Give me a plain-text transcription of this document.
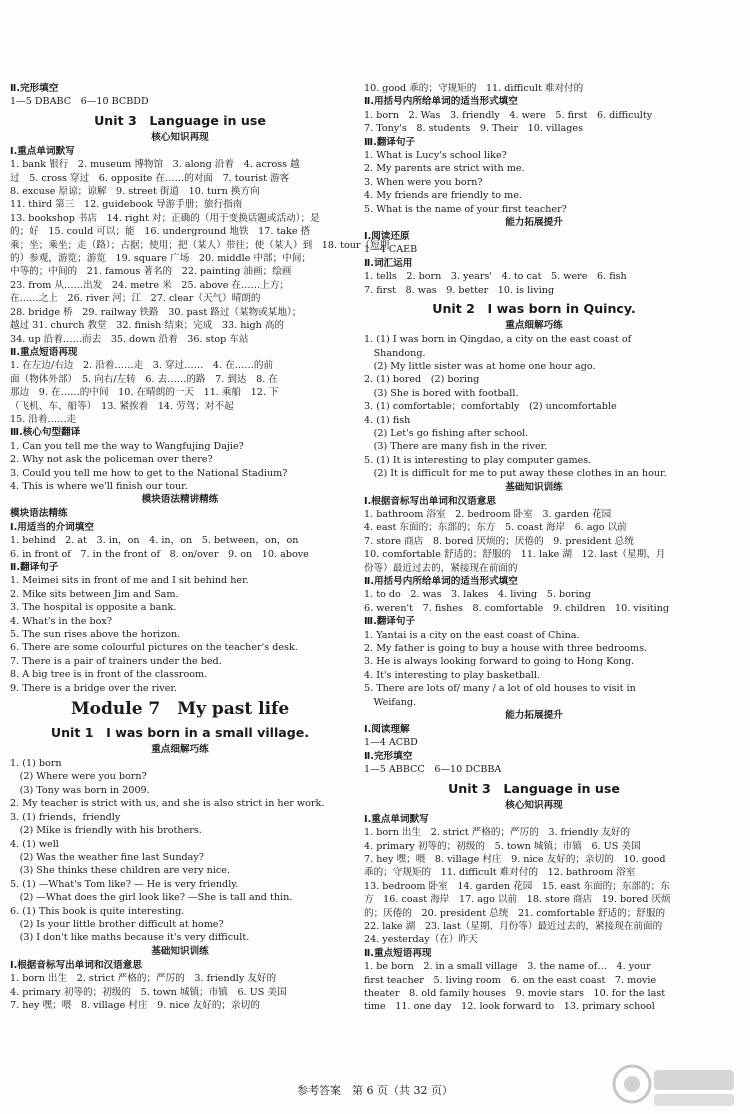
Ⅱ.完形填空
1—5 DBABC　6—10 BCBDD
Unit 3　Language in use
核心知识再现
Ⅰ.重点单词默写
1. bank 银行　2. museum 博物馆　3. along 沿着　4. across 越
过　5. cross 穿过　6. opposite 在……的对面　7. tourist 游客
8. excuse 原谅；谅解　9. street 街道　10. turn 换方向
11. third 第三　12. guidebook 导游手册；旅行指南
13. bookshop 书店　14. right 对；正确的（用于变换话题或活动）；是
的；好　15. could 可以；能　16. underground 地铁　17. take 搭
乘；坐；乘坐；走（路）；占据；使用；把（某人）带往；使（某人）到　18. tour（短期
的）参观，游览；游览　19. square 广场　20. middle 中部；中间；
中等的；中间的　21. famous 著名的　22. painting 油画；绘画
23. from 从……出发　24. metre 米　25. above 在……上方；
在……之上　26. river 河；江　27. clear（天气）晴朗的
28. bridge 桥　29. railway 铁路　30. past 路过（某物或某地）；
越过 31. church 教堂　32. finish 结束；完成　33. high 高的
34. up 沿着……而去　35. down 沿着　36. stop 车站
Ⅱ.重点短语再现
1. 在左边/右边　2. 沿着……走　3. 穿过……　4. 在……的前
面（物体外部）　5. 向右/左转　6. 去……的路　7. 到达　8. 在
那边　9. 在……的中间　10. 在晴朗的一天　11. 乘船　12. 下
（飞机、车、船等）　13. 紧挨着　14. 劳驾；对不起
15. 沿着……走
Ⅲ.核心句型翻译
1. Can you tell me the way to Wangfujing Dajie?
2. Why not ask the policeman over there?
3. Could you tell me how to get to the National Stadium?
4. This is where we'll finish our tour.
模块语法精讲精练
模块语法精练
Ⅰ.用适当的介词填空
1. behind　2. at　3. in，on　4. in，on　5. between，on，on
6. in front of　7. in the front of　8. on/over　9. on　10. above
Ⅱ.翻译句子
1. Meimei sits in front of me and I sit behind her.
2. Mike sits between Jim and Sam.
3. The hospital is opposite a bank.
4. What's in the box?
5. The sun rises above the horizon.
6. There are some colourful pictures on the teacher's desk.
7. There is a pair of trainers under the bed.
8. A big tree is in front of the classroom.
9. There is a bridge over the river.
Module 7　My past life
Unit 1　I was born in a small village.
重点细解巧练
1. (1) born
　(2) Where were you born?
　(3) Tony was born in 2009.
2. My teacher is strict with us, and she is also strict in her work.
3. (1) friends，friendly
　(2) Mike is friendly with his brothers.
4. (1) well
　(2) Was the weather fine last Sunday?
　(3) She thinks these children are very nice.
5. (1) —What's Tom like? — He is very friendly.
　(2) —What does the girl look like? —She is tall and thin.
6. (1) This book is quite interesting.
　(2) Is your little brother difficult at home?
　(3) I don't like maths because it's very difficult.
基础知识训练
Ⅰ.根据音标写出单词和汉语意思
1. born 出生　2. strict 严格的；严厉的　3. friendly 友好的
4. primary 初等的；初级的　5. town 城镇；市镇　6. US 美国
7. hey 嘿；喂　8. village 村庄　9. nice 友好的；亲切的
10. good 乖的；守规矩的　11. difficult 难对付的
Ⅱ.用括号内所给单词的适当形式填空
1. born　2. Was　3. friendly　4. were　5. first　6. difficulty
7. Tony's　8. students　9. Their　10. villages
Ⅲ.翻译句子
1. What is Lucy's school like?
2. My parents are strict with me.
3. When were you born?
4. My friends are friendly to me.
5. What is the name of your first teacher?
能力拓展提升
Ⅰ.阅读还原
1—4 CAEB
Ⅱ.词汇运用
1. tells　2. born　3. years'　4. to cat　5. were　6. fish
7. first　8. was　9. better　10. is living
Unit 2　I was born in Quincy.
重点细解巧练
1. (1) I was born in Qingdao, a city on the east coast of
　Shandong.
　(2) My little sister was at home one hour ago.
2. (1) bored　(2) boring
　(3) She is bored with football.
3. (1) comfortable；comfortably　(2) uncomfortable
4. (1) fish
　(2) Let's go fishing after school.
　(3) There are many fish in the river.
5. (1) It is interesting to play computer games.
　(2) It is difficult for me to put away these clothes in an hour.
基础知识训练
Ⅰ.根据音标写出单词和汉语意思
1. bathroom 浴室　2. bedroom 卧室　3. garden 花园
4. east 东面的；东部的；东方　5. coast 海岸　6. ago 以前
7. store 商店　8. bored 厌烦的；厌倦的　9. president 总统
10. comfortable 舒适的；舒服的　11. lake 湖　12. last（星期、月
份等）最近过去的，紧接现在前面的
Ⅱ.用括号内所给单词的适当形式填空
1. to do　2. was　3. lakes　4. living　5. boring
6. weren't　7. fishes　8. comfortable　9. children　10. visiting
Ⅲ.翻译句子
1. Yantai is a city on the east coast of China.
2. My father is going to buy a house with three bedrooms.
3. He is always looking forward to going to Hong Kong.
4. It's interesting to play basketball.
5. There are lots of/ many / a lot of old houses to visit in
　Weifang.
能力拓展提升
Ⅰ.阅读理解
1—4 ACBD
Ⅱ.完形填空
1—5 ABBCC　6—10 DCBBA
Unit 3　Language in use
核心知识再现
Ⅰ.重点单词默写
1. born 出生　2. strict 严格的；严厉的　3. friendly 友好的
4. primary 初等的；初级的　5. town 城镇；市镇　6. US 美国
7. hey 嘿；喂　8. village 村庄　9. nice 友好的；亲切的　10. good
乖的；守规矩的　11. difficult 难对付的　12. bathroom 浴室
13. bedroom 卧室　14. garden 花园　15. east 东面的；东部的；东
方　16. coast 海岸　17. ago 以前　18. store 商店　19. bored 厌烦
的；厌倦的　20. president 总统　21. comfortable 舒适的；舒服的
22. lake 湖　23. last（星期、月份等）最近过去的，紧接现在前面的
24. yesterday（在）昨天
Ⅱ.重点短语再现
1. be born　2. in a small village　3. the name of…　4. your
first teacher　5. living room　6. on the east coast　7. movie
theater　8. old family houses　9. movie stars　10. for the last
time　11. one day　12. look forward to　13. primary school
参考答案　第 6 页（共 32 页）
